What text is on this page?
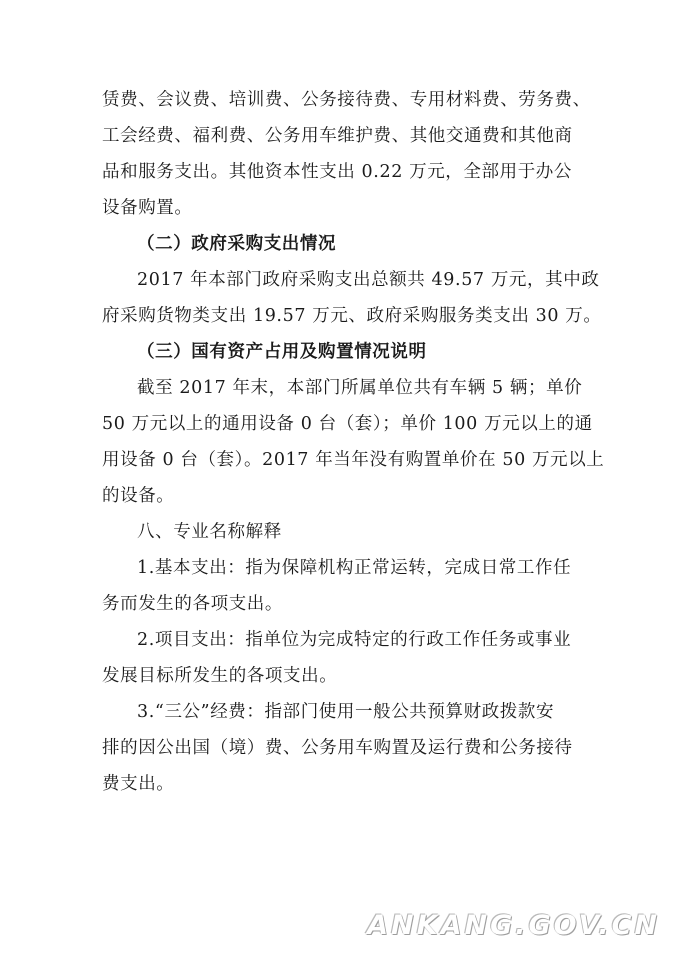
赁费、会议费、培训费、公务接待费、专用材料费、劳务费、
工会经费、福利费、公务用车维护费、其他交通费和其他商
品和服务支出。其他资本性支出 0.22 万元，全部用于办公
设备购置。
（二）政府采购支出情况
2017 年本部门政府采购支出总额共 49.57 万元，其中政
府采购货物类支出 19.57 万元、政府采购服务类支出 30 万。
（三）国有资产占用及购置情况说明
截至 2017 年末，本部门所属单位共有车辆 5 辆；单价
50 万元以上的通用设备 0 台（套）；单价 100 万元以上的通
用设备 0 台（套）。2017 年当年没有购置单价在 50 万元以上
的设备。
八、专业名称解释
1.基本支出：指为保障机构正常运转，完成日常工作任
务而发生的各项支出。
2.项目支出：指单位为完成特定的行政工作任务或事业
发展目标所发生的各项支出。
3.“三公”经费：指部门使用一般公共预算财政拨款安
排的因公出国（境）费、公务用车购置及运行费和公务接待
费支出。
ANKANG.GOV.CN
